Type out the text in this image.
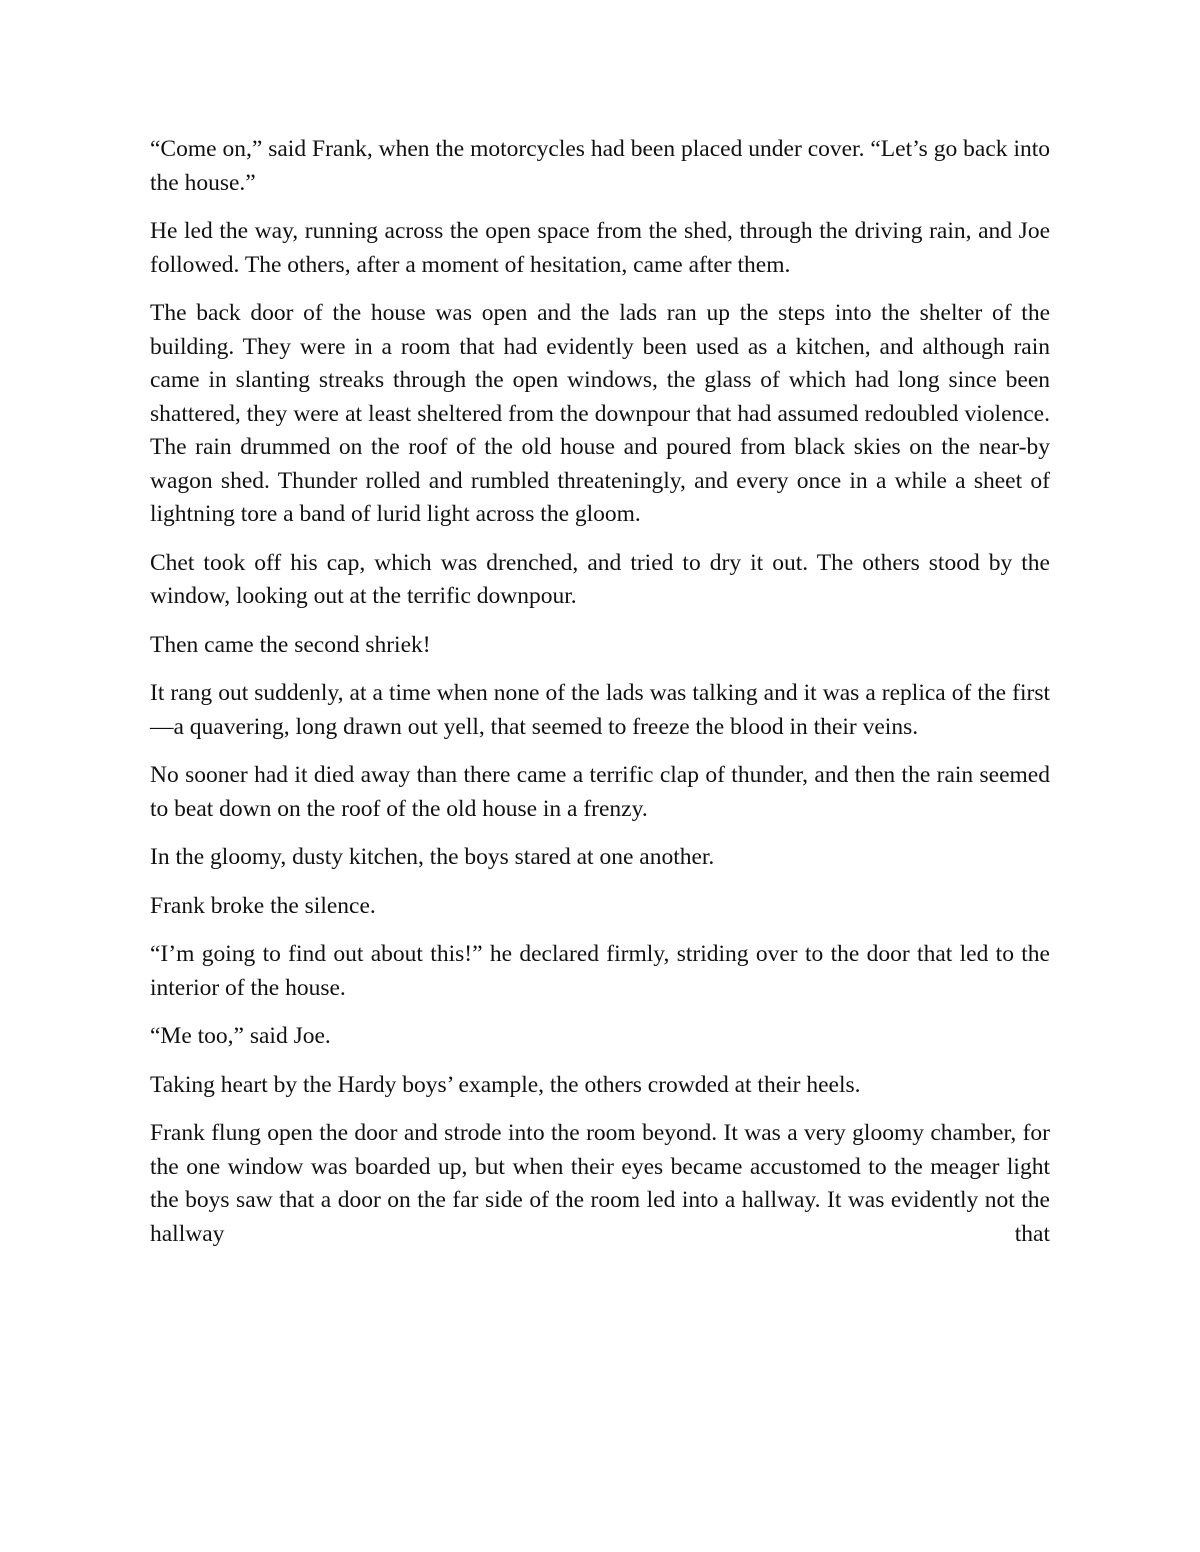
“Come on,” said Frank, when the motorcycles had been placed under cover. “Let’s go back into the house.”

He led the way, running across the open space from the shed, through the driving rain, and Joe followed. The others, after a moment of hesitation, came after them.

The back door of the house was open and the lads ran up the steps into the shelter of the building. They were in a room that had evidently been used as a kitchen, and although rain came in slanting streaks through the open windows, the glass of which had long since been shattered, they were at least sheltered from the downpour that had assumed redoubled violence. The rain drummed on the roof of the old house and poured from black skies on the near-by wagon shed. Thunder rolled and rumbled threateningly, and every once in a while a sheet of lightning tore a band of lurid light across the gloom.

Chet took off his cap, which was drenched, and tried to dry it out. The others stood by the window, looking out at the terrific downpour.

Then came the second shriek!

It rang out suddenly, at a time when none of the lads was talking and it was a replica of the first—a quavering, long drawn out yell, that seemed to freeze the blood in their veins.

No sooner had it died away than there came a terrific clap of thunder, and then the rain seemed to beat down on the roof of the old house in a frenzy.

In the gloomy, dusty kitchen, the boys stared at one another.

Frank broke the silence.

“I’m going to find out about this!” he declared firmly, striding over to the door that led to the interior of the house.

“Me too,” said Joe.

Taking heart by the Hardy boys’ example, the others crowded at their heels.

Frank flung open the door and strode into the room beyond. It was a very gloomy chamber, for the one window was boarded up, but when their eyes became accustomed to the meager light the boys saw that a door on the far side of the room led into a hallway. It was evidently not the hallway that
